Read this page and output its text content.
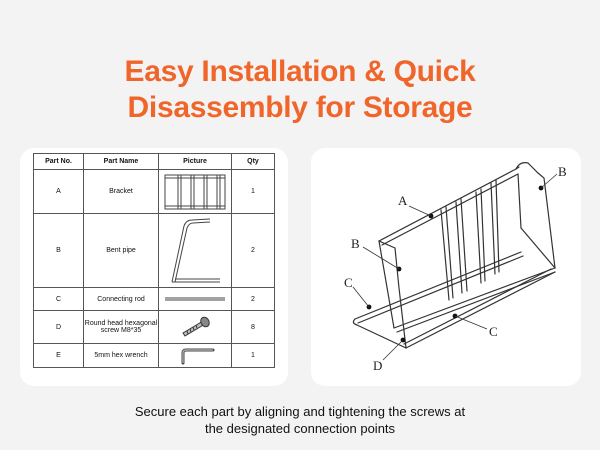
Easy Installation & Quick
Disassembly for Storage
Part No.	Part Name	Picture	Qty
A	Bracket		1
B	Bent pipe		2
C	Connecting rod		2
D	Round head hexagonal screw M8*35		8
E	5mm hex wrench		1
A
B
B
C
C
D
Secure each part by aligning and tightening the screws at
the designated connection points
